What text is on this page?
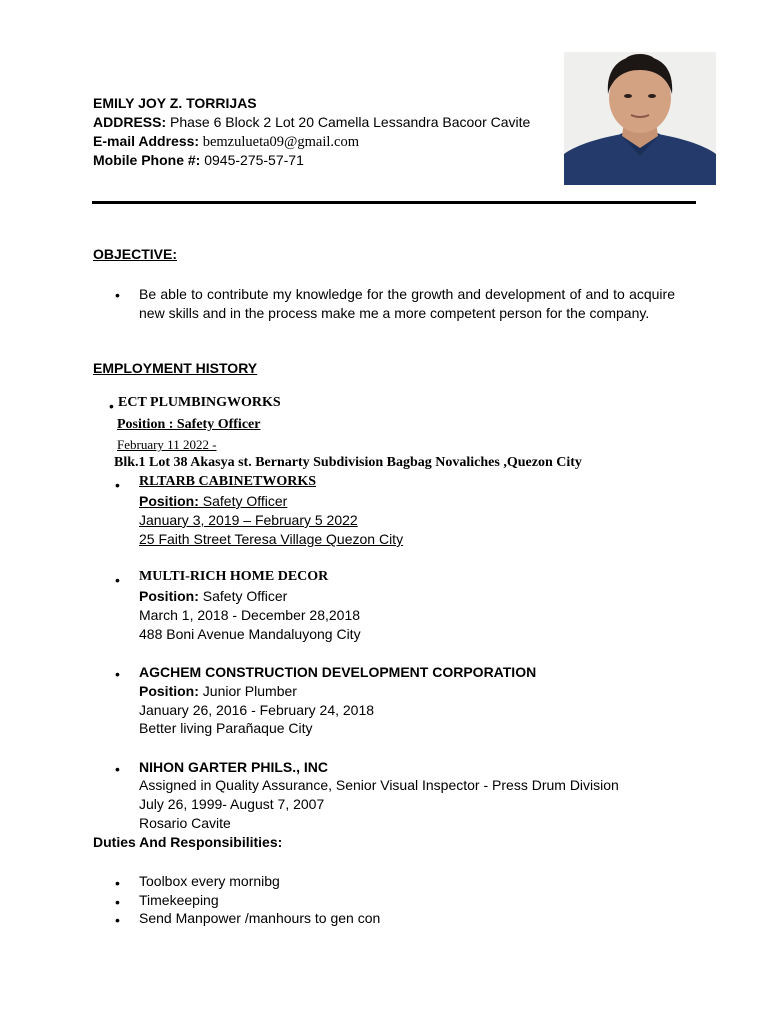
EMILY JOY Z. TORRIJAS
ADDRESS: Phase 6 Block 2 Lot 20 Camella Lessandra Bacoor Cavite
E-mail Address: bemzulueta09@gmail.com
Mobile Phone #: 0945-275-57-71
OBJECTIVE:
• Be able to contribute my knowledge for the growth and development of and to acquire new skills and in the process make me a more competent person for the company.
EMPLOYMENT HISTORY
• ECT PLUMBINGWORKS
Position : Safety Officer
February 11 2022 -
Blk.1 Lot 38 Akasya st. Bernarty Subdivision Bagbag Novaliches ,Quezon City
• RLTARB CABINETWORKS
Position: Safety Officer
January 3, 2019 – February 5 2022
25 Faith Street Teresa Village Quezon City
• MULTI-RICH HOME DECOR
Position: Safety Officer
March 1, 2018 - December 28,2018
488 Boni Avenue Mandaluyong City
• AGCHEM CONSTRUCTION DEVELOPMENT CORPORATION
Position: Junior Plumber
January 26, 2016 - February 24, 2018
Better living Parañaque City
• NIHON GARTER PHILS., INC
Assigned in Quality Assurance, Senior Visual Inspector - Press Drum Division
July 26, 1999- August 7, 2007
Rosario Cavite
Duties And Responsibilities:
• Toolbox every mornibg
• Timekeeping
• Send Manpower /manhours to gen con
